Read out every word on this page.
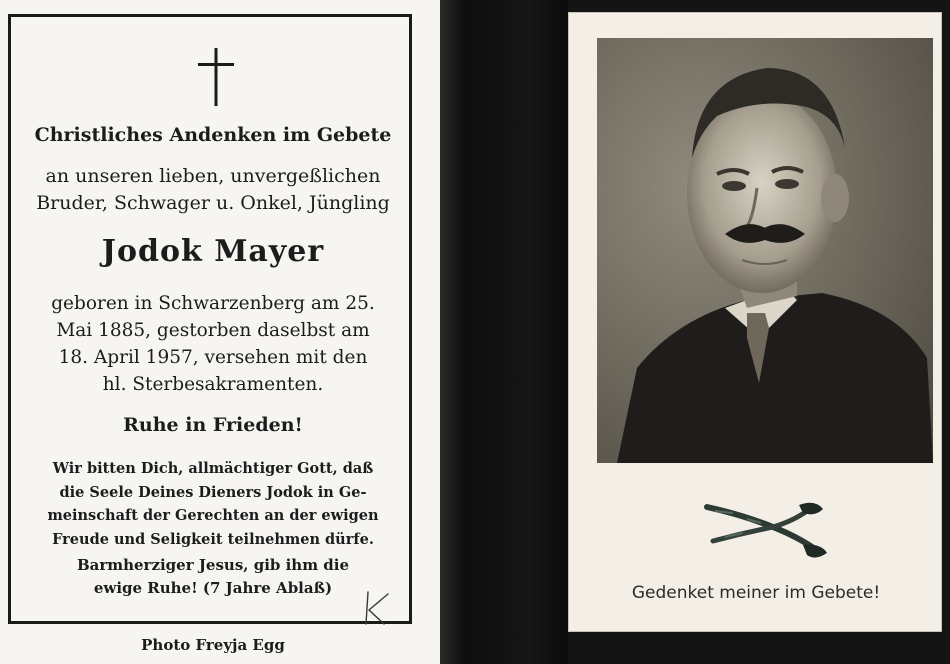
Christliches Andenken im Gebete
an unseren lieben, unvergeßlichen
Bruder, Schwager u. Onkel, Jüngling
Jodok Mayer
geboren in Schwarzenberg am 25.
Mai 1885, gestorben daselbst am
18. April 1957, versehen mit den
hl. Sterbesakramenten.
Ruhe in Frieden!
Wir bitten Dich, allmächtiger Gott, daß
die Seele Deines Dieners Jodok in Ge-
meinschaft der Gerechten an der ewigen
Freude und Seligkeit teilnehmen dürfe.
Barmherziger Jesus, gib ihm die
ewige Ruhe! (7 Jahre Ablaß)
Photo Freyja Egg
Gedenket meiner im Gebete!
